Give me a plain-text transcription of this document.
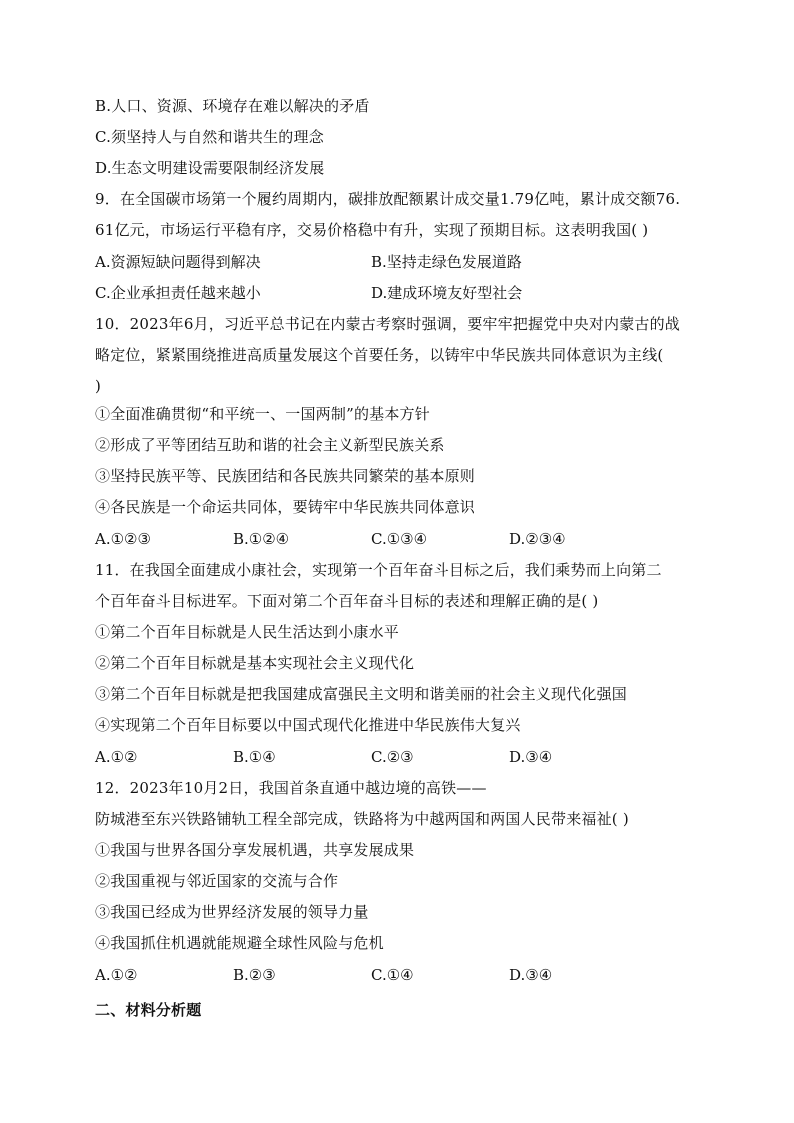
B.人口、资源、环境存在难以解决的矛盾
C.须坚持人与自然和谐共生的理念
D.生态文明建设需要限制经济发展
9．在全国碳市场第一个履约周期内，碳排放配额累计成交量1.79亿吨，累计成交额76.
61亿元，市场运行平稳有序，交易价格稳中有升，实现了预期目标。这表明我国( )
A.资源短缺问题得到解决	B.坚持走绿色发展道路
C.企业承担责任越来越小	D.建成环境友好型社会
10．2023年6月，习近平总书记在内蒙古考察时强调，要牢牢把握党中央对内蒙古的战
略定位，紧紧围绕推进高质量发展这个首要任务，以铸牢中华民族共同体意识为主线(
)
①全面准确贯彻“和平统一、一国两制”的基本方针
②形成了平等团结互助和谐的社会主义新型民族关系
③坚持民族平等、民族团结和各民族共同繁荣的基本原则
④各民族是一个命运共同体，要铸牢中华民族共同体意识
A.①②③	B.①②④	C.①③④	D.②③④
11．在我国全面建成小康社会，实现第一个百年奋斗目标之后，我们乘势而上向第二
个百年奋斗目标进军。下面对第二个百年奋斗目标的表述和理解正确的是( )
①第二个百年目标就是人民生活达到小康水平
②第二个百年目标就是基本实现社会主义现代化
③第二个百年目标就是把我国建成富强民主文明和谐美丽的社会主义现代化强国
④实现第二个百年目标要以中国式现代化推进中华民族伟大复兴
A.①②	B.①④	C.②③	D.③④
12．2023年10月2日，我国首条直通中越边境的高铁——
防城港至东兴铁路铺轨工程全部完成，铁路将为中越两国和两国人民带来福祉( )
①我国与世界各国分享发展机遇，共享发展成果
②我国重视与邻近国家的交流与合作
③我国已经成为世界经济发展的领导力量
④我国抓住机遇就能规避全球性风险与危机
A.①②	B.②③	C.①④	D.③④
二、材料分析题
